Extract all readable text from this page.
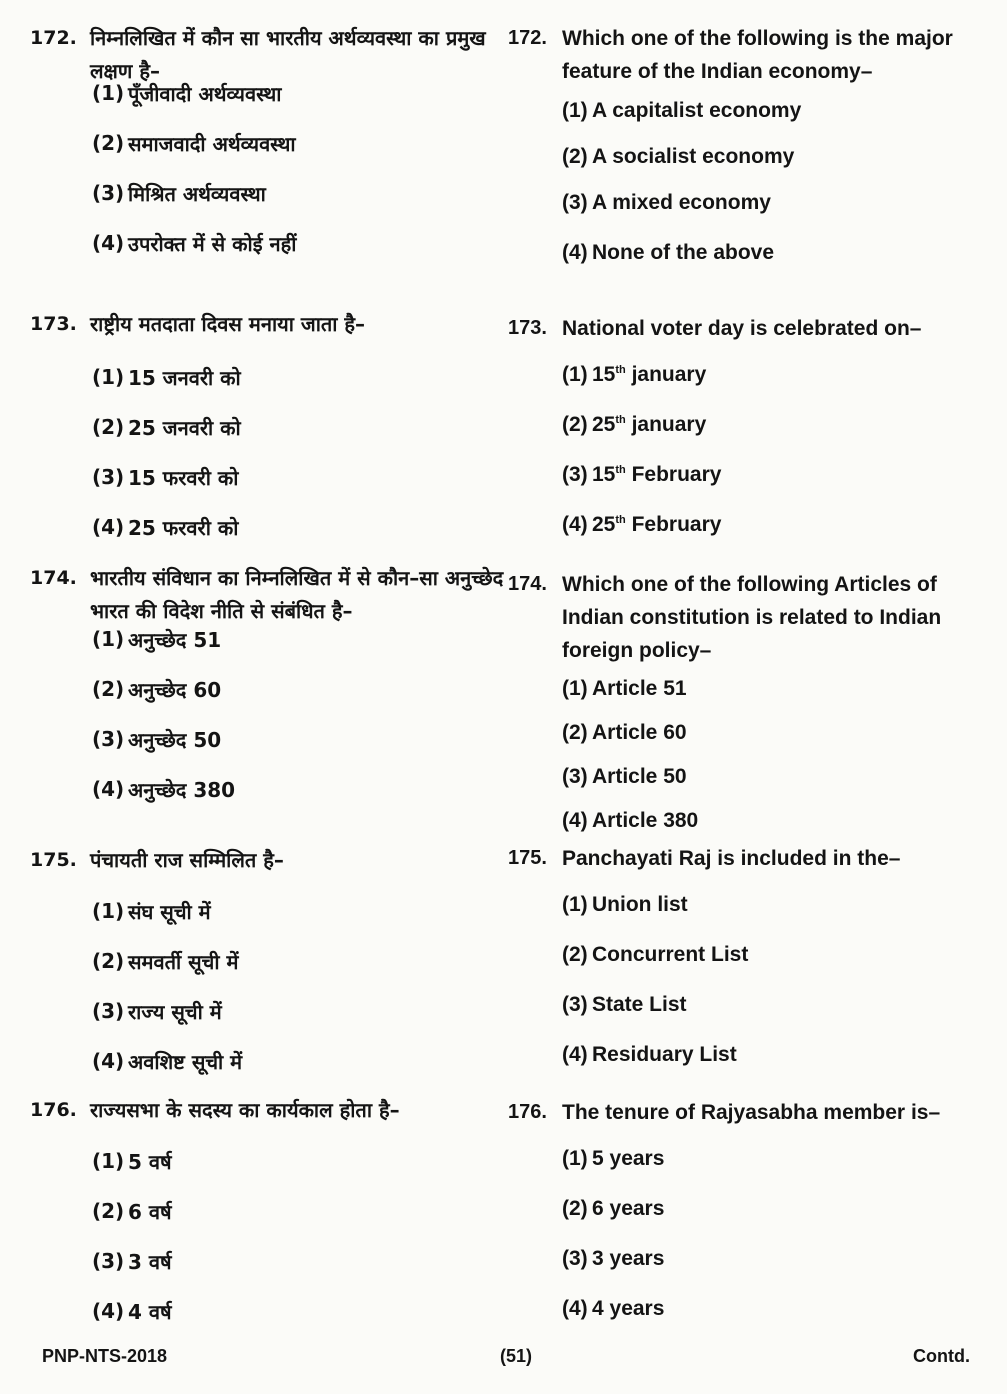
172. निम्नलिखित में कौन सा भारतीय अर्थव्यवस्था का प्रमुख लक्षण है–
(1) पूँजीवादी अर्थव्यवस्था
(2) समाजवादी अर्थव्यवस्था
(3) मिश्रित अर्थव्यवस्था
(4) उपरोक्त में से कोई नहीं
173. राष्ट्रीय मतदाता दिवस मनाया जाता है–
(1) 15 जनवरी को
(2) 25 जनवरी को
(3) 15 फरवरी को
(4) 25 फरवरी को
174. भारतीय संविधान का निम्नलिखित में से कौन–सा अनुच्छेद भारत की विदेश नीति से संबंधित है–
(1) अनुच्छेद 51
(2) अनुच्छेद 60
(3) अनुच्छेद 50
(4) अनुच्छेद 380
175. पंचायती राज सम्मिलित है–
(1) संघ सूची में
(2) समवर्ती सूची में
(3) राज्य सूची में
(4) अवशिष्ट सूची में
176. राज्यसभा के सदस्य का कार्यकाल होता है–
(1) 5 वर्ष
(2) 6 वर्ष
(3) 3 वर्ष
(4) 4 वर्ष
172. Which one of the following is the major feature of the Indian economy–
(1) A capitalist economy
(2) A socialist economy
(3) A mixed economy
(4) None of the above
173. National voter day is celebrated on–
(1) 15th january
(2) 25th january
(3) 15th February
(4) 25th February
174. Which one of the following Articles of Indian constitution is related to Indian foreign policy–
(1) Article 51
(2) Article 60
(3) Article 50
(4) Article 380
175. Panchayati Raj is included in the–
(1) Union list
(2) Concurrent List
(3) State List
(4) Residuary List
176. The tenure of Rajyasabha member is–
(1) 5 years
(2) 6 years
(3) 3 years
(4) 4 years
PNP-NTS-2018	(51)	Contd.
